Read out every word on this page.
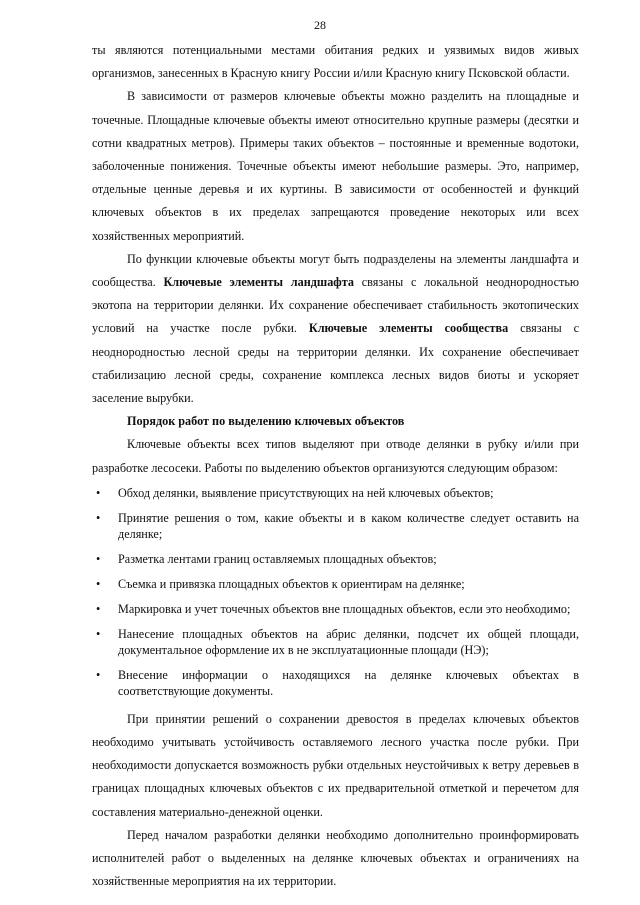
28

ты являются потенциальными местами обитания редких и уязвимых видов живых организмов, занесенных в Красную книгу России и/или Красную книгу Псковской области.

В зависимости от размеров ключевые объекты можно разделить на площадные и точечные. Площадные ключевые объекты имеют относительно крупные размеры (десятки и сотни квадратных метров). Примеры таких объектов – постоянные и временные водотоки, заболоченные понижения. Точечные объекты имеют небольшие размеры. Это, например, отдельные ценные деревья и их куртины. В зависимости от особенностей и функций ключевых объектов в их пределах запрещаются проведение некоторых или всех хозяйственных мероприятий.

По функции ключевые объекты могут быть подразделены на элементы ландшафта и сообщества. Ключевые элементы ландшафта связаны с локальной неоднородностью экотопа на территории делянки. Их сохранение обеспечивает стабильность экотопических условий на участке после рубки. Ключевые элементы сообщества связаны с неоднородностью лесной среды на территории делянки. Их сохранение обеспечивает стабилизацию лесной среды, сохранение комплекса лесных видов биоты и ускоряет заселение вырубки.

Порядок работ по выделению ключевых объектов

Ключевые объекты всех типов выделяют при отводе делянки в рубку и/или при разработке лесосеки. Работы по выделению объектов организуются следующим образом:

•	Обход делянки, выявление присутствующих на ней ключевых объектов;
•	Принятие решения о том, какие объекты и в каком количестве следует оставить на делянке;
•	Разметка лентами границ оставляемых площадных объектов;
•	Съемка и привязка площадных объектов к ориентирам на делянке;
•	Маркировка и учет точечных объектов вне площадных объектов, если это необходимо;
•	Нанесение площадных объектов на абрис делянки, подсчет их общей площади, документальное оформление их в не эксплуатационные площади (НЭ);
•	Внесение информации о находящихся на делянке ключевых объектах в соответствующие документы.

При принятии решений о сохранении древостоя в пределах ключевых объектов необходимо учитывать устойчивость оставляемого лесного участка после рубки. При необходимости допускается возможность рубки отдельных неустойчивых к ветру деревьев в границах площадных ключевых объектов с их предварительной отметкой и перечетом для составления материально-денежной оценки.

Перед началом разработки делянки необходимо дополнительно проинформировать исполнителей работ о выделенных на делянке ключевых объектах и ограничениях на хозяйственные мероприятия на их территории.
